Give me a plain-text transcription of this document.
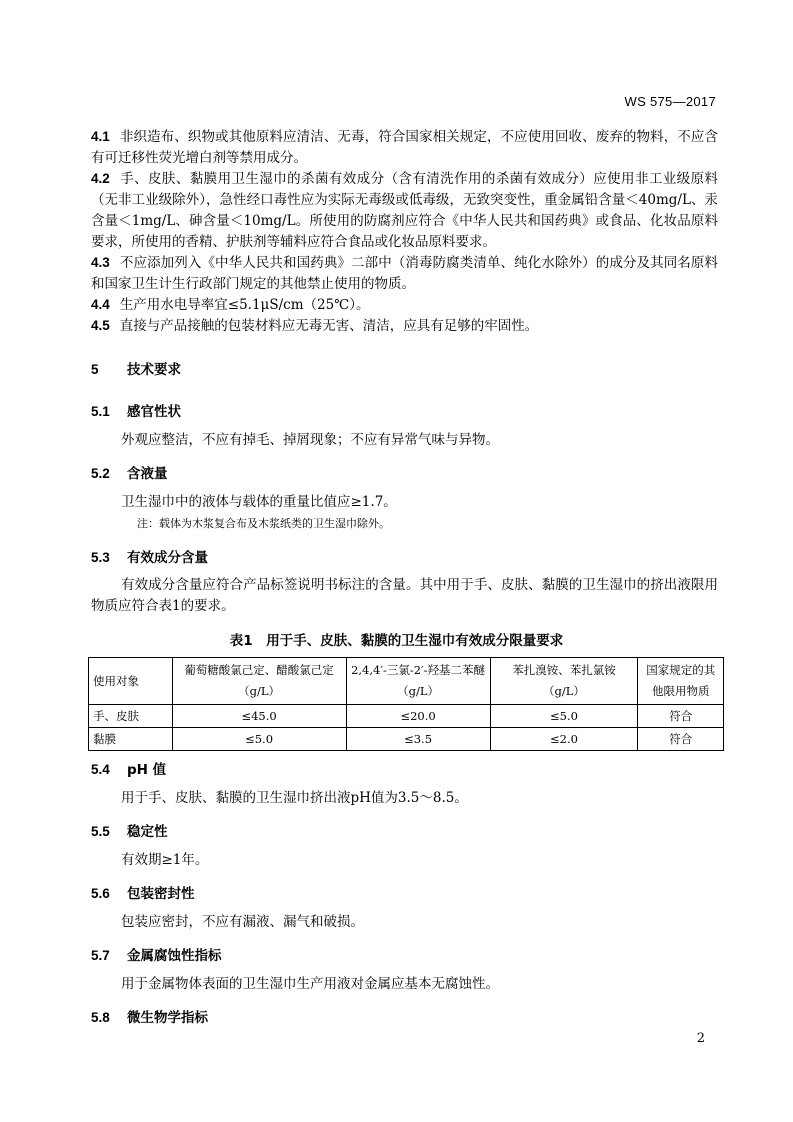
WS 575—2017
4.1 非织造布、织物或其他原料应清洁、无毒，符合国家相关规定，不应使用回收、废弃的物料，不应含有可迁移性荧光增白剂等禁用成分。
4.2 手、皮肤、黏膜用卫生湿巾的杀菌有效成分（含有清洗作用的杀菌有效成分）应使用非工业级原料（无非工业级除外），急性经口毒性应为实际无毒级或低毒级，无致突变性，重金属铅含量＜40mg/L、汞含量＜1mg/L、砷含量＜10mg/L。所使用的防腐剂应符合《中华人民共和国药典》或食品、化妆品原料要求，所使用的香精、护肤剂等辅料应符合食品或化妆品原料要求。
4.3 不应添加列入《中华人民共和国药典》二部中（消毒防腐类清单、纯化水除外）的成分及其同名原料和国家卫生计生行政部门规定的其他禁止使用的物质。
4.4 生产用水电导率宜≤5.1μS/cm（25℃）。
4.5 直接与产品接触的包装材料应无毒无害、清洁，应具有足够的牢固性。
5 技术要求
5.1 感官性状
外观应整洁，不应有掉毛、掉屑现象；不应有异常气味与异物。
5.2 含液量
卫生湿巾中的液体与载体的重量比值应≥1.7。
注：载体为木浆复合布及木浆纸类的卫生湿巾除外。
5.3 有效成分含量
有效成分含量应符合产品标签说明书标注的含量。其中用于手、皮肤、黏膜的卫生湿巾的挤出液限用物质应符合表1的要求。
表1　用于手、皮肤、黏膜的卫生湿巾有效成分限量要求
使用对象	葡萄糖酸氯己定、醋酸氯己定（g/L）	2,4,4′-三氯-2′-羟基二苯醚（g/L）	苯扎溴铵、苯扎氯铵（g/L）	国家规定的其他限用物质
手、皮肤	≤45.0	≤20.0	≤5.0	符合
黏膜	≤5.0	≤3.5	≤2.0	符合
5.4 pH 值
用于手、皮肤、黏膜的卫生湿巾挤出液pH值为3.5～8.5。
5.5 稳定性
有效期≥1年。
5.6 包装密封性
包装应密封，不应有漏液、漏气和破损。
5.7 金属腐蚀性指标
用于金属物体表面的卫生湿巾生产用液对金属应基本无腐蚀性。
5.8 微生物学指标
2
